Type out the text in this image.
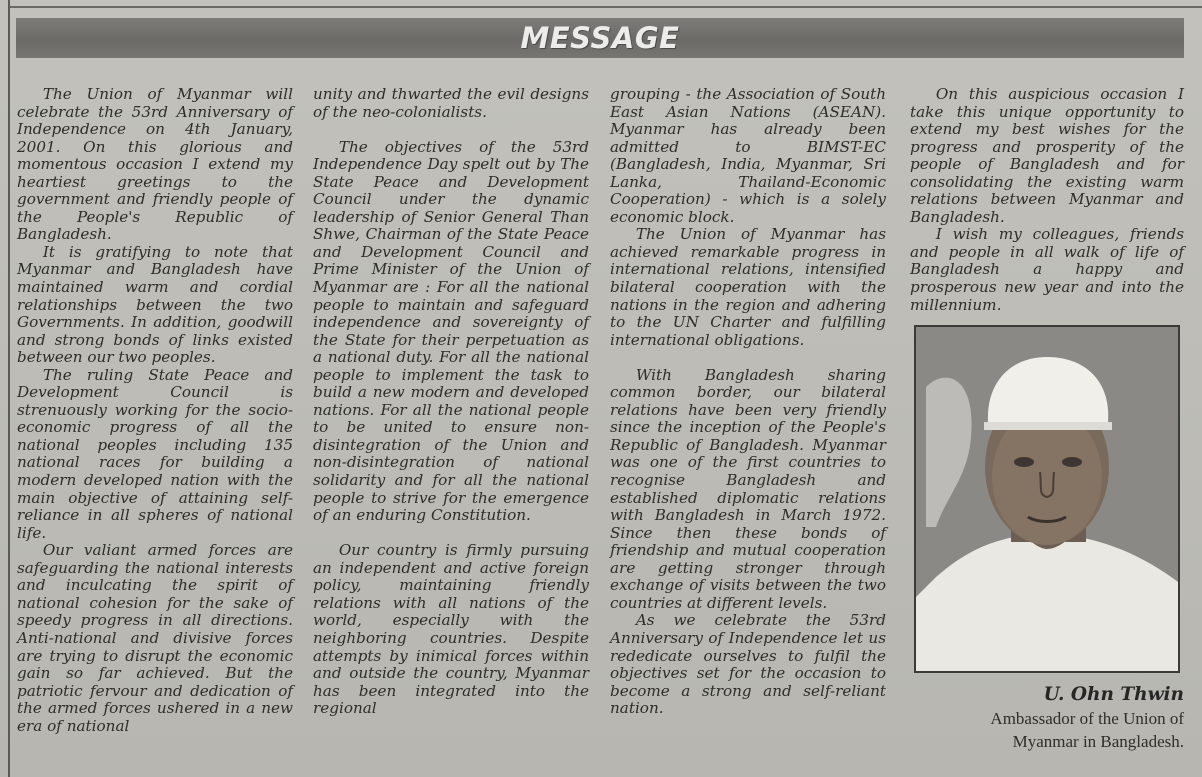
MESSAGE

The Union of Myanmar will celebrate the 53rd Anniversary of Independence on 4th January, 2001. On this glorious and momentous occasion I extend my heartiest greetings to the government and friendly people of the People's Republic of Bangladesh.

It is gratifying to note that Myanmar and Bangladesh have maintained warm and cordial relationships between the two Governments. In addition, goodwill and strong bonds of links existed between our two peoples.

The ruling State Peace and Development Council is strenuously working for the socio-economic progress of all the national peoples including 135 national races for building a modern developed nation with the main objective of attaining self-reliance in all spheres of national life.

Our valiant armed forces are safeguarding the national interests and inculcating the spirit of national cohesion for the sake of speedy progress in all directions. Anti-national and divisive forces are trying to disrupt the economic gain so far achieved. But the patriotic fervour and dedication of the armed forces ushered in a new era of national

unity and thwarted the evil designs of the neo-colonialists.

The objectives of the 53rd Independence Day spelt out by The State Peace and Development Council under the dynamic leadership of Senior General Than Shwe, Chairman of the State Peace and Development Council and Prime Minister of the Union of Myanmar are : For all the national people to maintain and safeguard independence and sovereignty of the State for their perpetuation as a national duty. For all the national people to implement the task to build a new modern and developed nations. For all the national people to be united to ensure non-disintegration of the Union and non-disintegration of national solidarity and for all the national people to strive for the emergence of an enduring Constitution.

Our country is firmly pursuing an independent and active foreign policy, maintaining friendly relations with all nations of the world, especially with the neighboring countries. Despite attempts by inimical forces within and outside the country, Myanmar has been integrated into the regional

grouping - the Association of South East Asian Nations (ASEAN). Myanmar has already been admitted to BIMST-EC (Bangladesh, India, Myanmar, Sri Lanka, Thailand-Economic Cooperation) - which is a solely economic block.

The Union of Myanmar has achieved remarkable progress in international relations, intensified bilateral cooperation with the nations in the region and adhering to the UN Charter and fulfilling international obligations.

With Bangladesh sharing common border, our bilateral relations have been very friendly since the inception of the People's Republic of Bangladesh. Myanmar was one of the first countries to recognise Bangladesh and established diplomatic relations with Bangladesh in March 1972. Since then these bonds of friendship and mutual cooperation are getting stronger through exchange of visits between the two countries at different levels.

As we celebrate the 53rd Anniversary of Independence let us rededicate ourselves to fulfil the objectives set for the occasion to become a strong and self-reliant nation.

On this auspicious occasion I take this unique opportunity to extend my best wishes for the progress and prosperity of the people of Bangladesh and for consolidating the existing warm relations between Myanmar and Bangladesh.

I wish my colleagues, friends and people in all walk of life of Bangladesh a happy and prosperous new year and into the millennium.

U. Ohn Thwin
Ambassador of the Union of
Myanmar in Bangladesh.
